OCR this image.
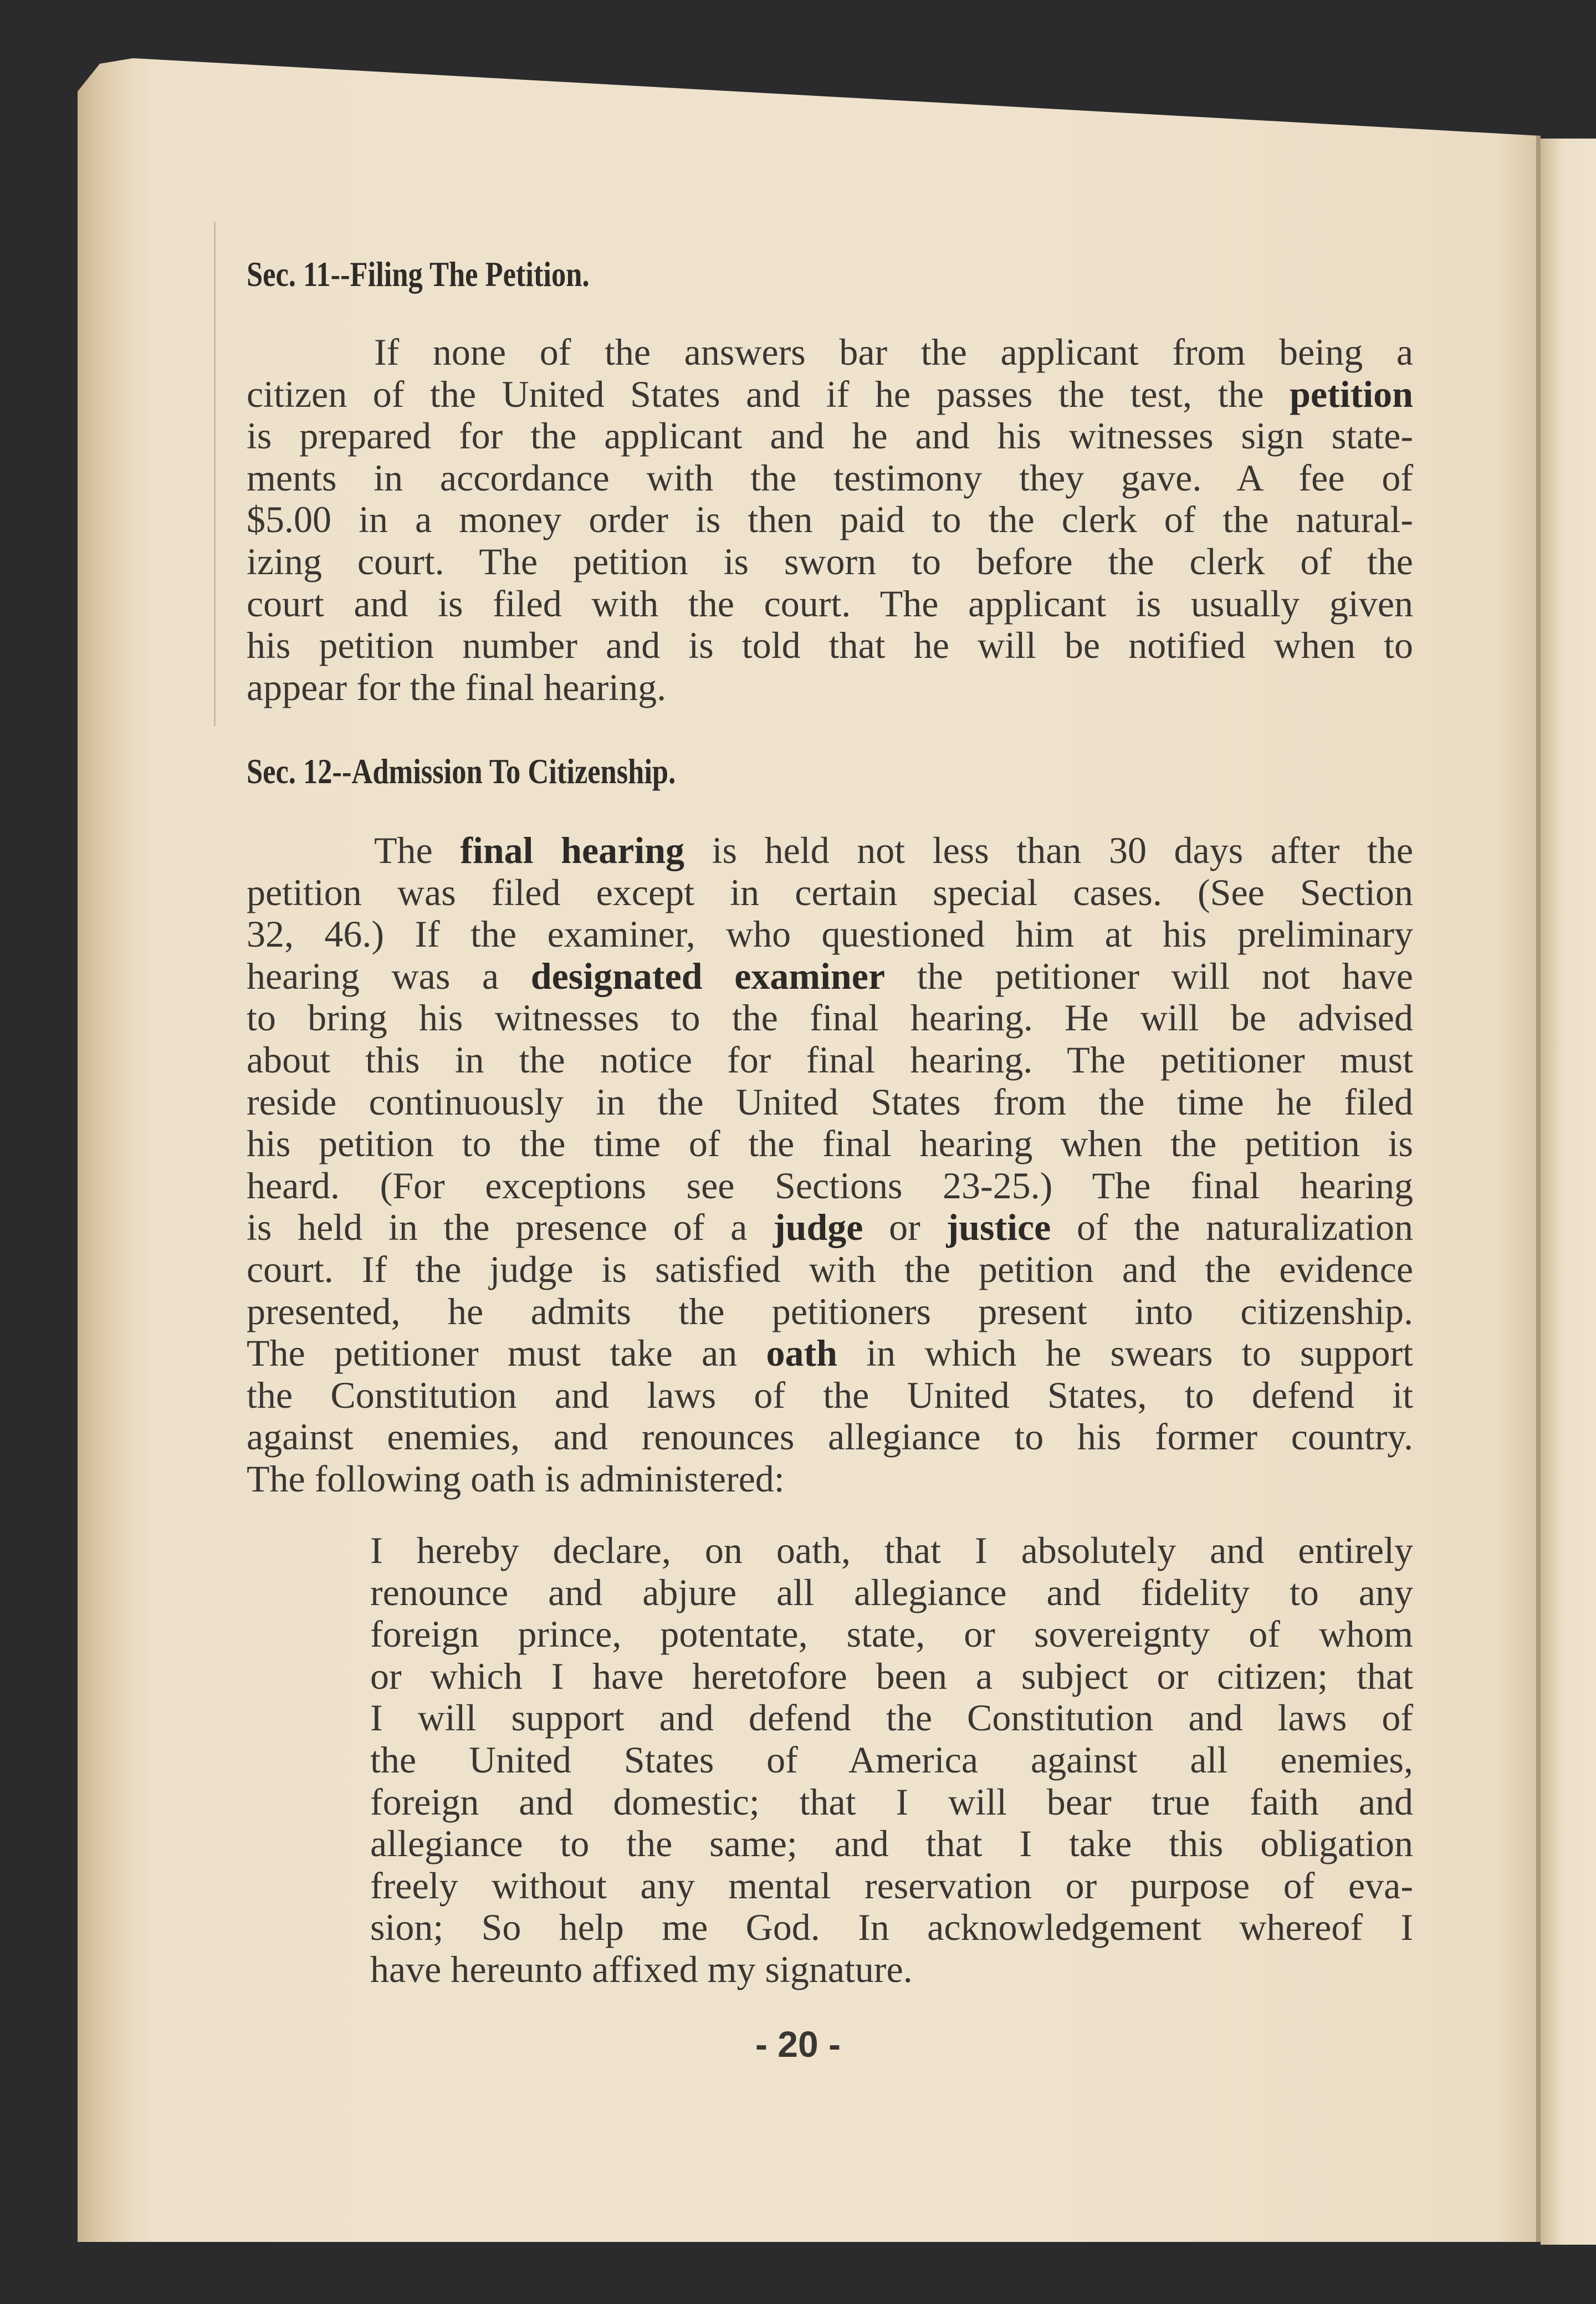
Sec. 11--Filing The Petition.
If none of the answers bar the applicant from being a
citizen of the United States and if he passes the test, the petition
is prepared for the applicant and he and his witnesses sign state-
ments in accordance with the testimony they gave. A fee of
$5.00 in a money order is then paid to the clerk of the natural-
izing court. The petition is sworn to before the clerk of the
court and is filed with the court. The applicant is usually given
his petition number and is told that he will be notified when to
appear for the final hearing.
Sec. 12--Admission To Citizenship.
The final hearing is held not less than 30 days after the
petition was filed except in certain special cases. (See Section
32, 46.) If the examiner, who questioned him at his preliminary
hearing was a designated examiner the petitioner will not have
to bring his witnesses to the final hearing. He will be advised
about this in the notice for final hearing. The petitioner must
reside continuously in the United States from the time he filed
his petition to the time of the final hearing when the petition is
heard. (For exceptions see Sections 23-25.) The final hearing
is held in the presence of a judge or justice of the naturalization
court. If the judge is satisfied with the petition and the evidence
presented, he admits the petitioners present into citizenship.
The petitioner must take an oath in which he swears to support
the Constitution and laws of the United States, to defend it
against enemies, and renounces allegiance to his former country.
The following oath is administered:
I hereby declare, on oath, that I absolutely and entirely
renounce and abjure all allegiance and fidelity to any
foreign prince, potentate, state, or sovereignty of whom
or which I have heretofore been a subject or citizen; that
I will support and defend the Constitution and laws of
the United States of America against all enemies,
foreign and domestic; that I will bear true faith and
allegiance to the same; and that I take this obligation
freely without any mental reservation or purpose of eva-
sion; So help me God. In acknowledgement whereof I
have hereunto affixed my signature.
- 20 -
